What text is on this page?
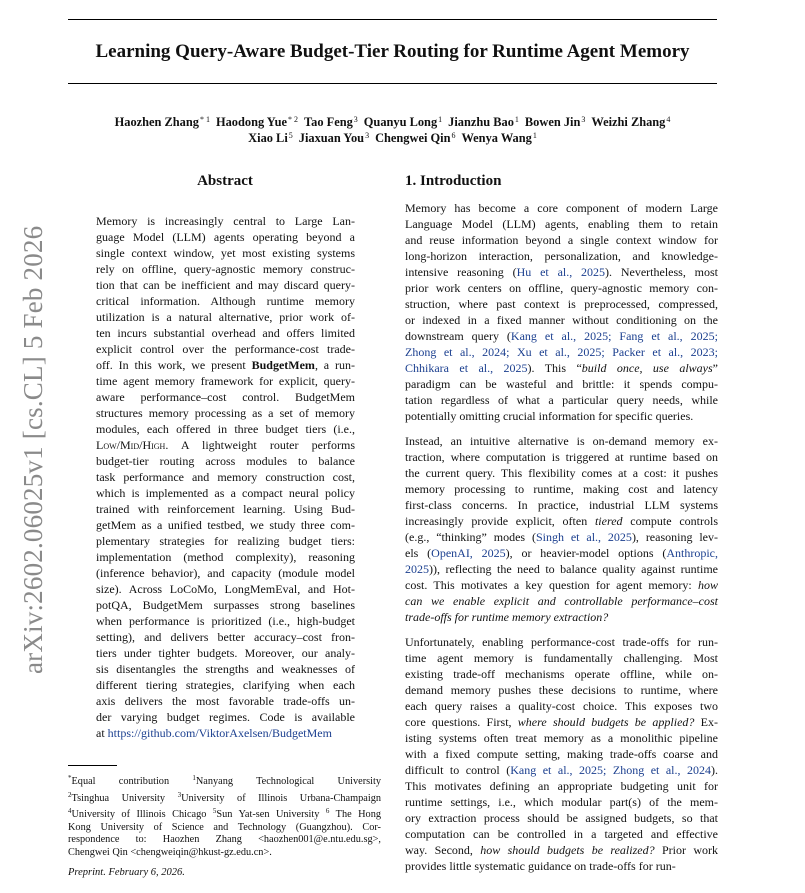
Learning Query-Aware Budget-Tier Routing for Runtime Agent Memory
Haozhen Zhang$^{* 1}$ Haodong Yue$^{* 2}$ Tao Feng$^3$ Quanyu Long$^1$ Jianzhu Bao$^1$ Bowen Jin$^3$ Weizhi Zhang$^4$
Xiao Li$^5$ Jiaxuan You$^3$ Chengwei Qin$^6$ Wenya Wang$^1$
arXiv:2602.06025v1 [cs.CL] 5 Feb 2026
Abstract
Memory is increasingly central to Large Lan-
guage Model (LLM) agents operating beyond a
single context window, yet most existing systems
rely on offline, query-agnostic memory construc-
tion that can be inefficient and may discard query-
critical information. Although runtime memory
utilization is a natural alternative, prior work of-
ten incurs substantial overhead and offers limited
explicit control over the performance-cost trade-
off. In this work, we present BudgetMem, a run-
time agent memory framework for explicit, query-
aware performance–cost control. BudgetMem
structures memory processing as a set of memory
modules, each offered in three budget tiers (i.e.,
Low/Mid/High. A lightweight router performs
budget-tier routing across modules to balance
task performance and memory construction cost,
which is implemented as a compact neural policy
trained with reinforcement learning. Using Bud-
getMem as a unified testbed, we study three com-
plementary strategies for realizing budget tiers:
implementation (method complexity), reasoning
(inference behavior), and capacity (module model
size). Across LoCoMo, LongMemEval, and Hot-
potQA, BudgetMem surpasses strong baselines
when performance is prioritized (i.e., high-budget
setting), and delivers better accuracy–cost fron-
tiers under tighter budgets. Moreover, our analy-
sis disentangles the strengths and weaknesses of
different tiering strategies, clarifying when each
axis delivers the most favorable trade-offs un-
der varying budget regimes. Code is available
at https://github.com/ViktorAxelsen/BudgetMem
1. Introduction
Memory has become a core component of modern Large
Language Model (LLM) agents, enabling them to retain
and reuse information beyond a single context window for
long-horizon interaction, personalization, and knowledge-
intensive reasoning (Hu et al., 2025). Nevertheless, most
prior work centers on offline, query-agnostic memory con-
struction, where past context is preprocessed, compressed,
or indexed in a fixed manner without conditioning on the
downstream query (Kang et al., 2025; Fang et al., 2025;
Zhong et al., 2024; Xu et al., 2025; Packer et al., 2023;
Chhikara et al., 2025). This “build once, use always”
paradigm can be wasteful and brittle: it spends compu-
tation regardless of what a particular query needs, while
potentially omitting crucial information for specific queries.
Instead, an intuitive alternative is on-demand memory ex-
traction, where computation is triggered at runtime based on
the current query. This flexibility comes at a cost: it pushes
memory processing to runtime, making cost and latency
first-class concerns. In practice, industrial LLM systems
increasingly provide explicit, often tiered compute controls
(e.g., “thinking” modes (Singh et al., 2025), reasoning lev-
els (OpenAI, 2025), or heavier-model options (Anthropic,
2025)), reflecting the need to balance quality against runtime
cost. This motivates a key question for agent memory: how
can we enable explicit and controllable performance–cost
trade-offs for runtime memory extraction?
Unfortunately, enabling performance-cost trade-offs for run-
time agent memory is fundamentally challenging. Most
existing trade-off mechanisms operate offline, while on-
demand memory pushes these decisions to runtime, where
each query raises a quality-cost choice. This exposes two
core questions. First, where should budgets be applied? Ex-
isting systems often treat memory as a monolithic pipeline
with a fixed compute setting, making trade-offs coarse and
difficult to control (Kang et al., 2025; Zhong et al., 2024).
This motivates defining an appropriate budgeting unit for
runtime settings, i.e., which modular part(s) of the mem-
ory extraction process should be assigned budgets, so that
computation can be controlled in a targeted and effective
way. Second, how should budgets be realized? Prior work
provides little systematic guidance on trade-offs for run-
*Equal contribution $^1$Nanyang Technological University
$^2$Tsinghua University $^3$University of Illinois Urbana-Champaign
$^4$University of Illinois Chicago $^5$Sun Yat-sen University $^6$ The Hong
Kong University of Science and Technology (Guangzhou). Cor-
respondence to: Haozhen Zhang <haozhen001@e.ntu.edu.sg>,
Chengwei Qin <chengweiqin@hkust-gz.edu.cn>.
Preprint. February 6, 2026.
